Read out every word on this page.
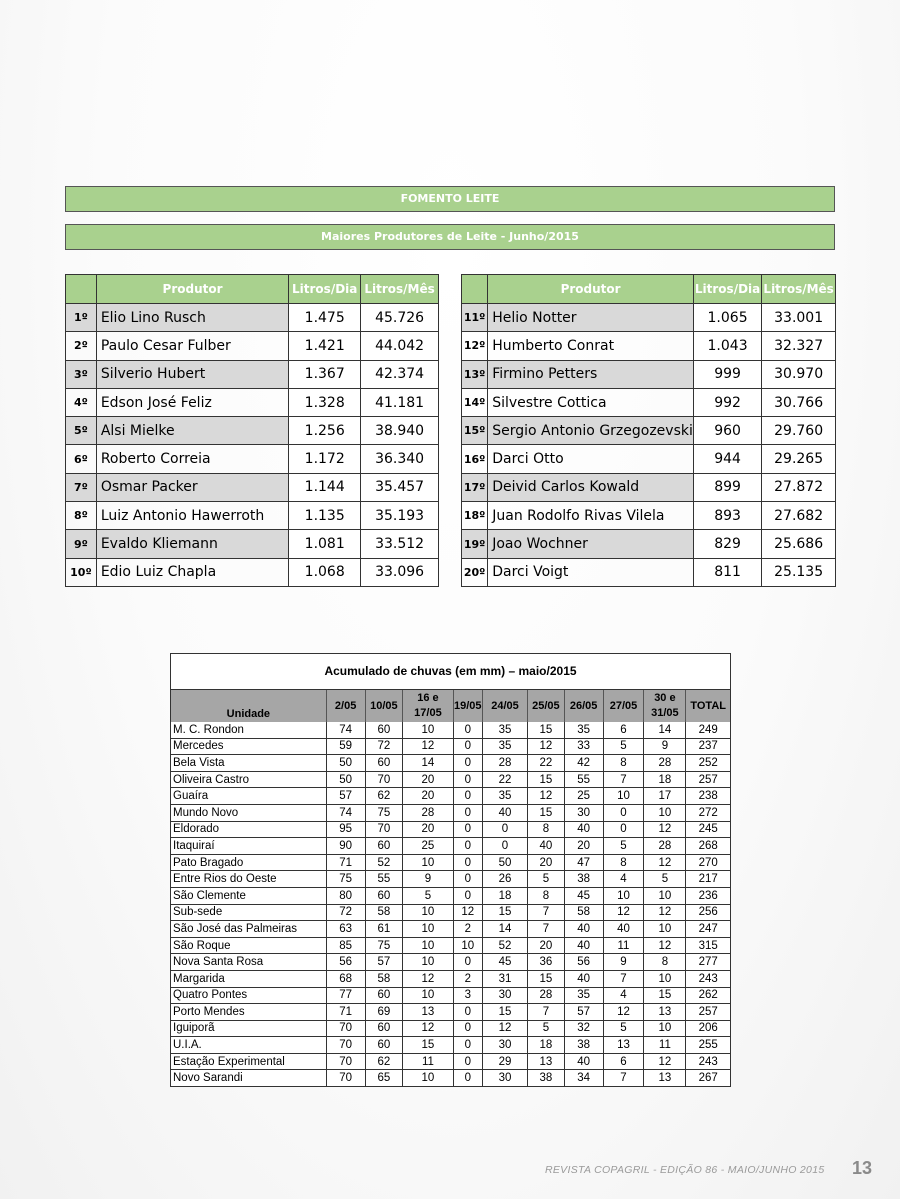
FOMENTO LEITE
Maiores Produtores de Leite - Junho/2015
	Produtor	Litros/Dia	Litros/Mês
1º	Elio Lino Rusch	1.475	45.726
2º	Paulo Cesar Fulber	1.421	44.042
3º	Silverio Hubert	1.367	42.374
4º	Edson José Feliz	1.328	41.181
5º	Alsi Mielke	1.256	38.940
6º	Roberto Correia	1.172	36.340
7º	Osmar Packer	1.144	35.457
8º	Luiz Antonio Hawerroth	1.135	35.193
9º	Evaldo Kliemann	1.081	33.512
10º	Edio Luiz Chapla	1.068	33.096
	Produtor	Litros/Dia	Litros/Mês
11º	Helio Notter	1.065	33.001
12º	Humberto Conrat	1.043	32.327
13º	Firmino Petters	999	30.970
14º	Silvestre Cottica	992	30.766
15º	Sergio Antonio Grzegozevski	960	29.760
16º	Darci Otto	944	29.265
17º	Deivid Carlos Kowald	899	27.872
18º	Juan Rodolfo Rivas Vilela	893	27.682
19º	Joao Wochner	829	25.686
20º	Darci Voigt	811	25.135
Acumulado de chuvas (em mm) – maio/2015
Unidade	2/05	10/05	16 e 17/05	19/05	24/05	25/05	26/05	27/05	30 e 31/05	TOTAL
M. C. Rondon	74	60	10	0	35	15	35	6	14	249
Mercedes	59	72	12	0	35	12	33	5	9	237
Bela Vista	50	60	14	0	28	22	42	8	28	252
Oliveira Castro	50	70	20	0	22	15	55	7	18	257
Guaíra	57	62	20	0	35	12	25	10	17	238
Mundo Novo	74	75	28	0	40	15	30	0	10	272
Eldorado	95	70	20	0	0	8	40	0	12	245
Itaquiraí	90	60	25	0	0	40	20	5	28	268
Pato Bragado	71	52	10	0	50	20	47	8	12	270
Entre Rios do Oeste	75	55	9	0	26	5	38	4	5	217
São Clemente	80	60	5	0	18	8	45	10	10	236
Sub-sede	72	58	10	12	15	7	58	12	12	256
São José das Palmeiras	63	61	10	2	14	7	40	40	10	247
São Roque	85	75	10	10	52	20	40	11	12	315
Nova Santa Rosa	56	57	10	0	45	36	56	9	8	277
Margarida	68	58	12	2	31	15	40	7	10	243
Quatro Pontes	77	60	10	3	30	28	35	4	15	262
Porto Mendes	71	69	13	0	15	7	57	12	13	257
Iguiporã	70	60	12	0	12	5	32	5	10	206
U.I.A.	70	60	15	0	30	18	38	13	11	255
Estação Experimental	70	62	11	0	29	13	40	6	12	243
Novo Sarandi	70	65	10	0	30	38	34	7	13	267
REVISTA COPAGRIL - EDIÇÃO 86 - MAIO/JUNHO 2015 13
